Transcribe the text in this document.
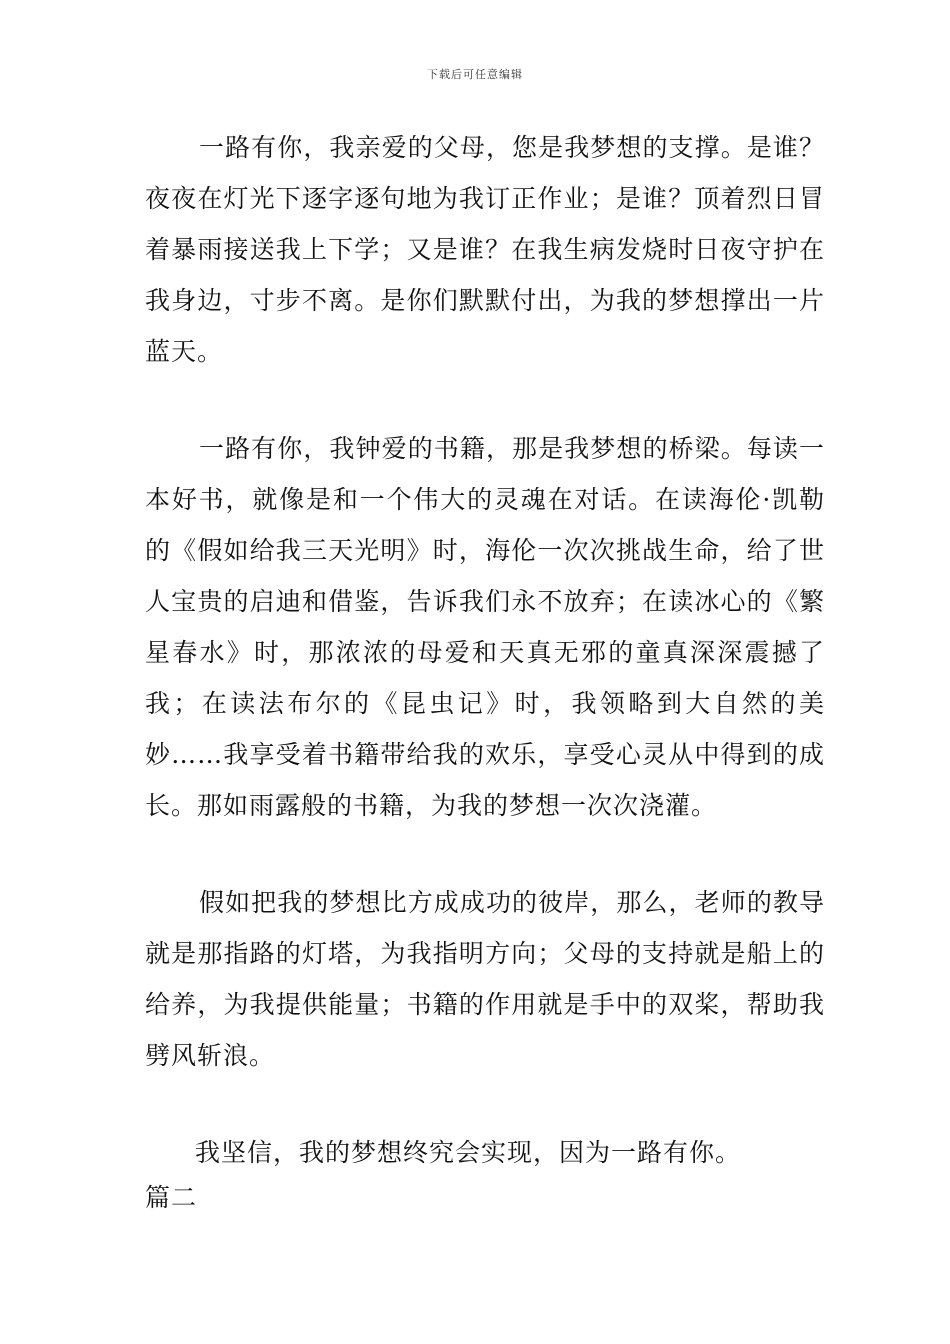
下载后可任意编辑

一路有你，我亲爱的父母，您是我梦想的支撑。是谁？夜夜在灯光下逐字逐句地为我订正作业；是谁？顶着烈日冒着暴雨接送我上下学；又是谁？在我生病发烧时日夜守护在我身边，寸步不离。是你们默默付出，为我的梦想撑出一片蓝天。

一路有你，我钟爱的书籍，那是我梦想的桥梁。每读一本好书，就像是和一个伟大的灵魂在对话。在读海伦·凯勒的《假如给我三天光明》时，海伦一次次挑战生命，给了世人宝贵的启迪和借鉴，告诉我们永不放弃；在读冰心的《繁星春水》时，那浓浓的母爱和天真无邪的童真深深震撼了我；在读法布尔的《昆虫记》时，我领略到大自然的美妙……我享受着书籍带给我的欢乐，享受心灵从中得到的成长。那如雨露般的书籍，为我的梦想一次次浇灌。

假如把我的梦想比方成成功的彼岸，那么，老师的教导就是那指路的灯塔，为我指明方向；父母的支持就是船上的给养，为我提供能量；书籍的作用就是手中的双桨，帮助我劈风斩浪。

我坚信，我的梦想终究会实现，因为一路有你。

篇二
